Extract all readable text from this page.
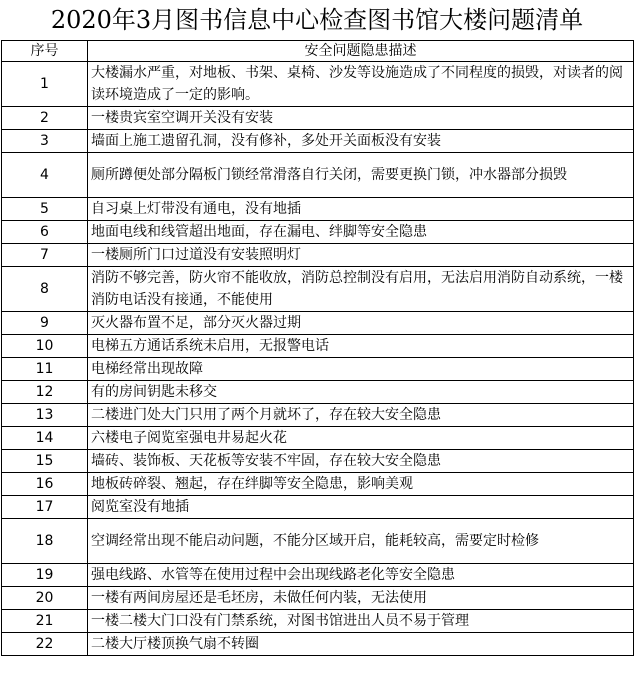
2020年3月图书信息中心检查图书馆大楼问题清单
序号	安全问题隐患描述
1	大楼漏水严重，对地板、书架、桌椅、沙发等设施造成了不同程度的损毁，对读者的阅读环境造成了一定的影响。
2	一楼贵宾室空调开关没有安装
3	墙面上施工遗留孔洞，没有修补，多处开关面板没有安装
4	厕所蹲便处部分隔板门锁经常滑落自行关闭，需要更换门锁，冲水器部分损毁
5	自习桌上灯带没有通电，没有地插
6	地面电线和线管超出地面，存在漏电、绊脚等安全隐患
7	一楼厕所门口过道没有安装照明灯
8	消防不够完善，防火帘不能收放，消防总控制没有启用，无法启用消防自动系统，一楼消防电话没有接通，不能使用
9	灭火器布置不足，部分灭火器过期
10	电梯五方通话系统未启用，无报警电话
11	电梯经常出现故障
12	有的房间钥匙未移交
13	二楼进门处大门只用了两个月就坏了，存在较大安全隐患
14	六楼电子阅览室强电井易起火花
15	墙砖、装饰板、天花板等安装不牢固，存在较大安全隐患
16	地板砖碎裂、翘起，存在绊脚等安全隐患，影响美观
17	阅览室没有地插
18	空调经常出现不能启动问题，不能分区域开启，能耗较高，需要定时检修
19	强电线路、水管等在使用过程中会出现线路老化等安全隐患
20	一楼有两间房屋还是毛坯房，未做任何内装，无法使用
21	一楼二楼大门口没有门禁系统，对图书馆进出人员不易于管理
22	二楼大厅楼顶换气扇不转圈
